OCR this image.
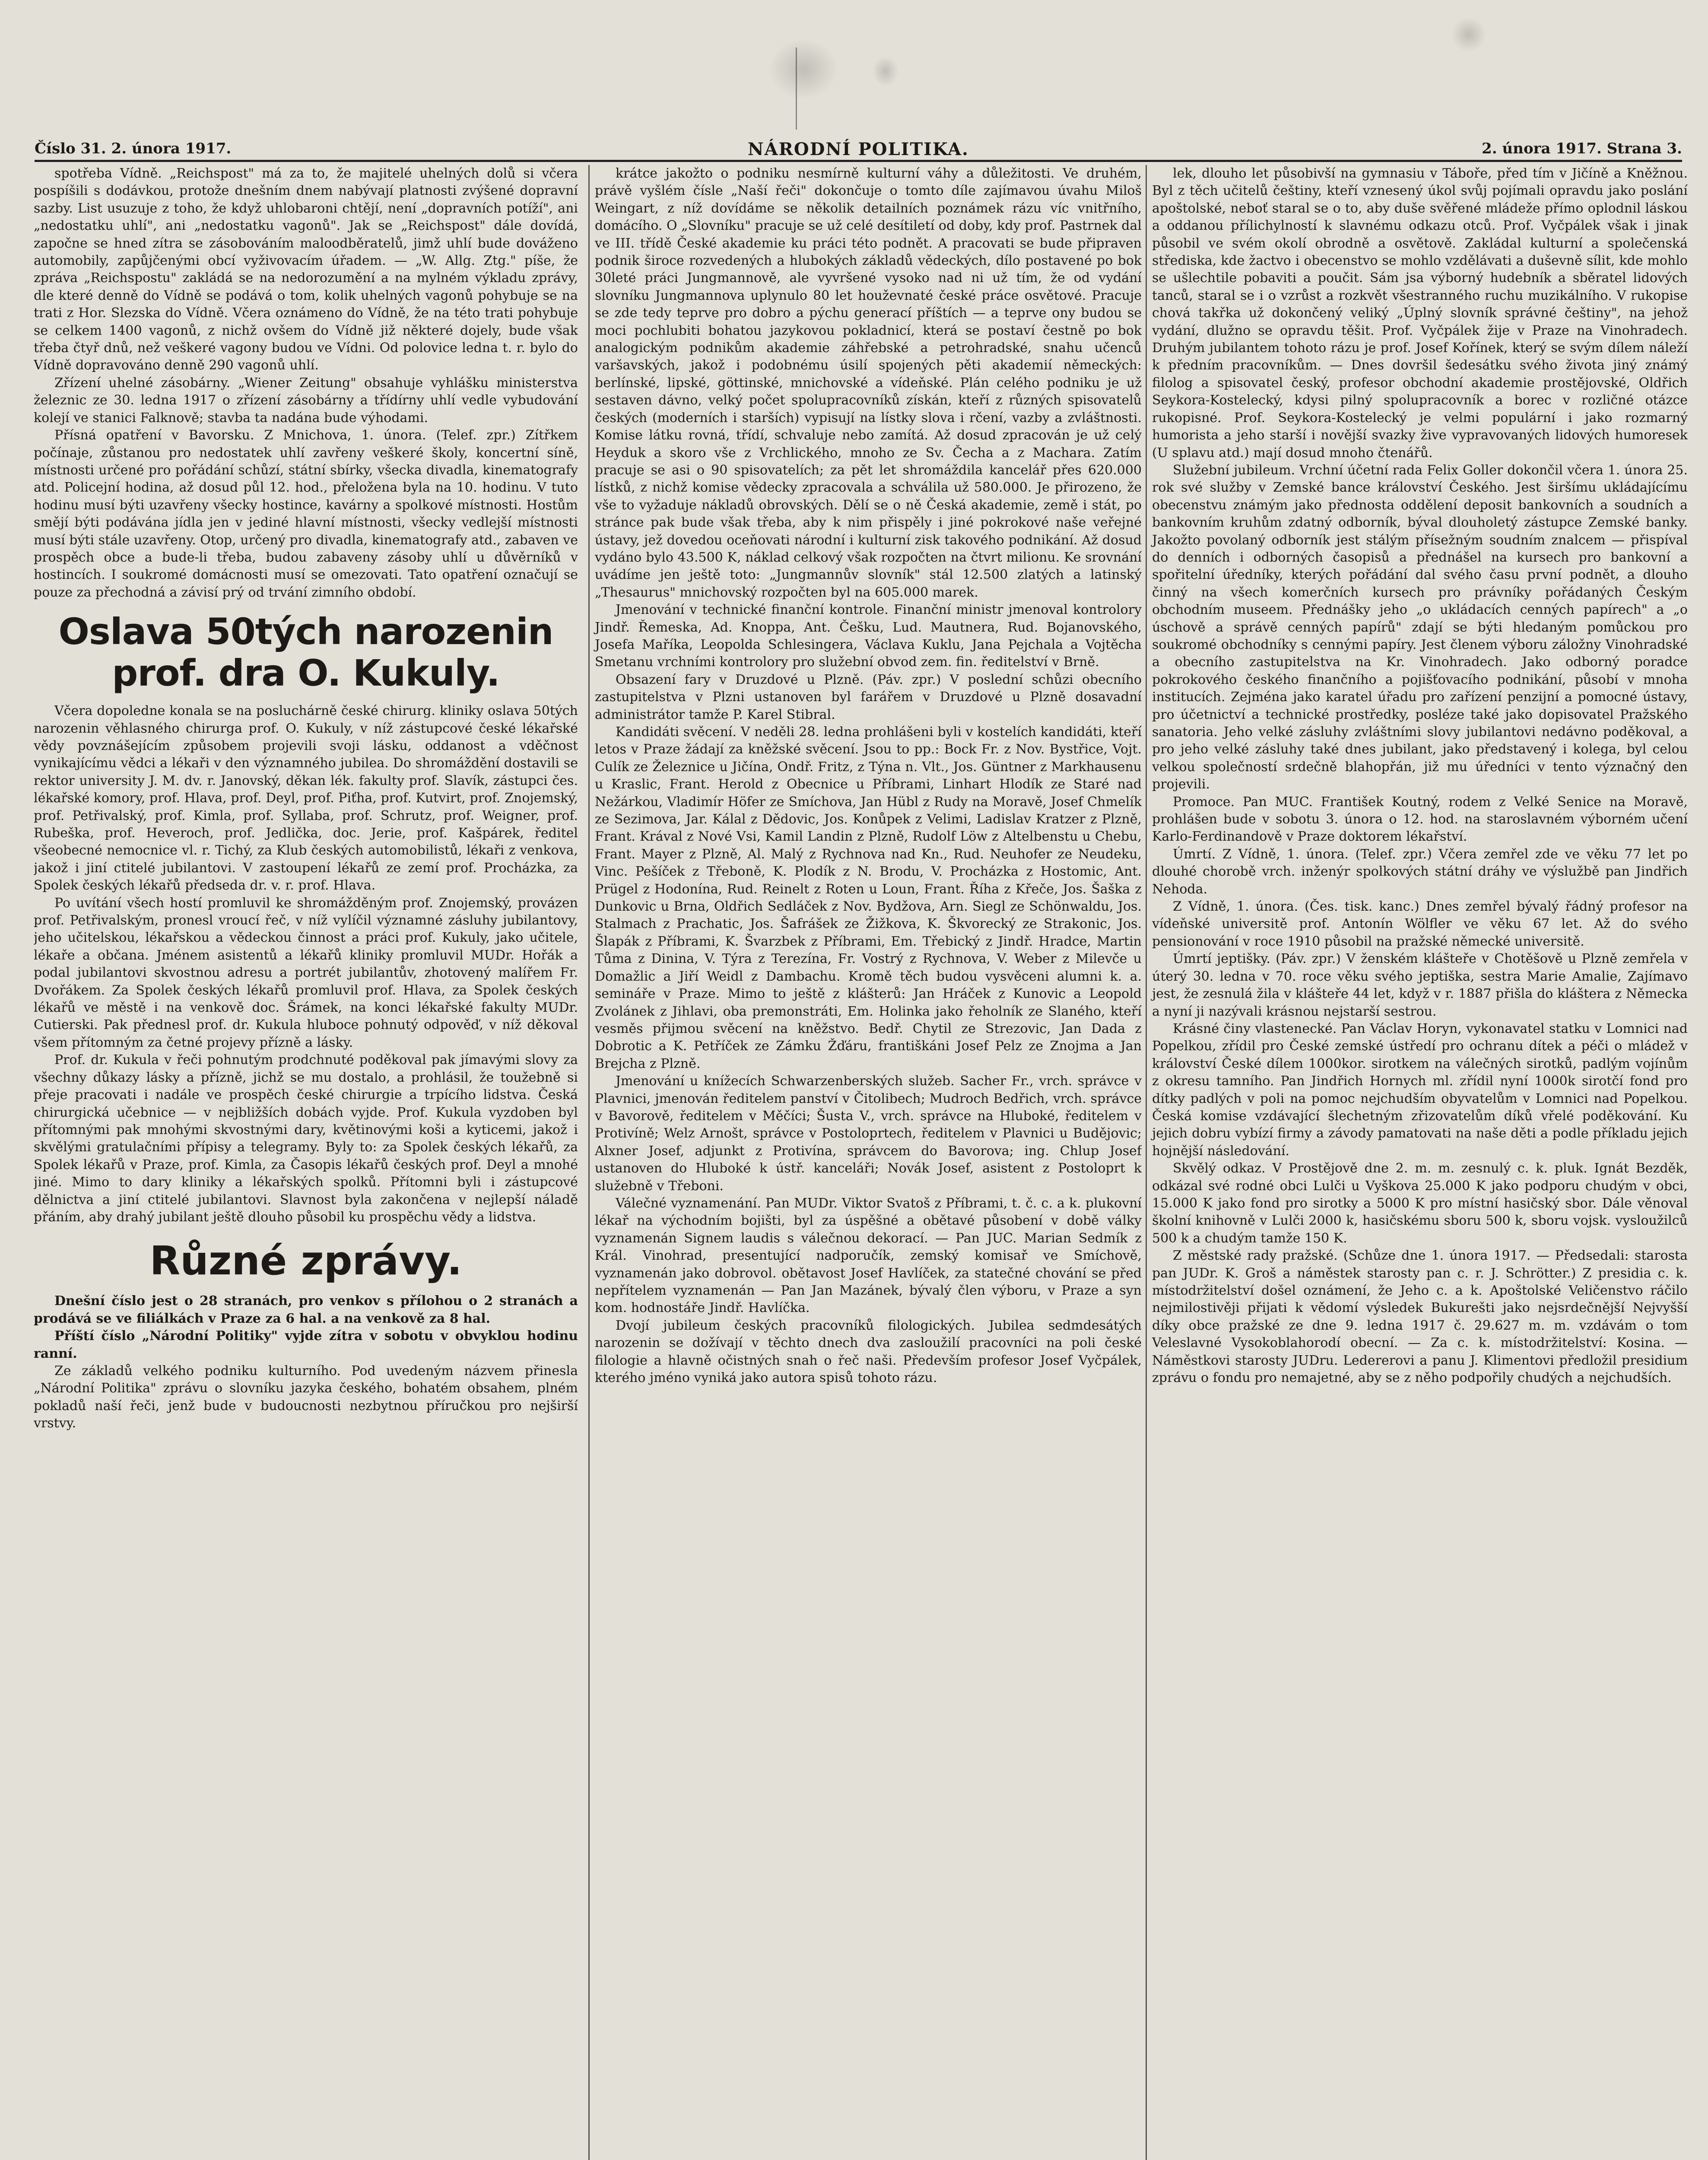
Číslo 31. 2. února 1917.	NÁRODNÍ POLITIKA.	2. února 1917. Strana 3.

spotřeba Vídně. „Reichspost" má za to, že majitelé uhelných dolů si včera pospíšili s dodávkou, protože dnešním dnem nabývají platnosti zvýšené dopravní sazby. List usuzuje z toho, že když uhlobaroni chtějí, není „dopravních potíží", ani „nedostatku uhlí", ani „nedostatku vagonů". Jak se „Reichspost" dále dovídá, započne se hned zítra se zásobováním maloodběratelů, jimž uhlí bude dováženo automobily, zapůjčenými obcí vyživovacím úřadem. — „W. Allg. Ztg." píše, že zpráva „Reichspostu" zakládá se na nedorozumění a na mylném výkladu zprávy, dle které denně do Vídně se podává o tom, kolik uhelných vagonů pohybuje se na trati z Hor. Slezska do Vídně. Včera oznámeno do Vídně, že na této trati pohybuje se celkem 1400 vagonů, z nichž ovšem do Vídně již některé dojely, bude však třeba čtyř dnů, než veškeré vagony budou ve Vídni. Od polovice ledna t. r. bylo do Vídně dopravováno denně 290 vagonů uhlí.

Zřízení uhelné zásobárny. „Wiener Zeitung" obsahuje vyhlášku ministerstva železnic ze 30. ledna 1917 o zřízení zásobárny a třídírny uhlí vedle vybudování kolejí ve stanici Falknově; stavba ta nadána bude výhodami.

Přísná opatření v Bavorsku. Z Mnichova, 1. února. (Telef. zpr.) Zítřkem počínaje, zůstanou pro nedostatek uhlí zavřeny veškeré školy, koncertní síně, místnosti určené pro pořádání schůzí, státní sbírky, všecka divadla, kinematografy atd. Policejní hodina, až dosud půl 12. hod., přeložena byla na 10. hodinu. V tuto hodinu musí býti uzavřeny všecky hostince, kavárny a spolkové místnosti. Hostům smějí býti podávána jídla jen v jediné hlavní místnosti, všecky vedlejší místnosti musí býti stále uzavřeny. Otop, určený pro divadla, kinematografy atd., zabaven ve prospěch obce a bude-li třeba, budou zabaveny zásoby uhlí u důvěrníků v hostincích. I soukromé domácnosti musí se omezovati. Tato opatření označují se pouze za přechodná a závisí prý od trvání zimního období.

Oslava 50tých narozenin prof. dra O. Kukuly.

Včera dopoledne konala se na posluchárně české chirurg. kliniky oslava 50tých narozenin věhlasného chirurga prof. O. Kukuly, v níž zástupcové české lékařské vědy povznášejícím způsobem projevili svoji lásku, oddanost a vděčnost vynikajícímu vědci a lékaři v den významného jubilea. Do shromáždění dostavili se rektor university J. M. dv. r. Janovský, děkan lék. fakulty prof. Slavík, zástupci čes. lékařské komory, prof. Hlava, prof. Deyl, prof. Piťha, prof. Kutvirt, prof. Znojemský, prof. Petřivalský, prof. Kimla, prof. Syllaba, prof. Schrutz, prof. Weigner, prof. Rubeška, prof. Heveroch, prof. Jedlička, doc. Jerie, prof. Kašpárek, ředitel všeobecné nemocnice vl. r. Tichý, za Klub českých automobilistů, lékaři z venkova, jakož i jiní ctitelé jubilantovi. V zastoupení lékařů ze zemí prof. Procházka, za Spolek českých lékařů předseda dr. v. r. prof. Hlava.

Po uvítání všech hostí promluvil ke shromážděným prof. Znojemský, provázen prof. Petřivalským, pronesl vroucí řeč, v níž vylíčil významné zásluhy jubilantovy, jeho učitelskou, lékařskou a vědeckou činnost a práci prof. Kukuly, jako učitele, lékaře a občana. Jménem asistentů a lékařů kliniky promluvil MUDr. Hořák a podal jubilantovi skvostnou adresu a portrét jubilantův, zhotovený malířem Fr. Dvořákem. Za Spolek českých lékařů promluvil prof. Hlava, za Spolek českých lékařů ve městě i na venkově doc. Šrámek, na konci lékařské fakulty MUDr. Cutierski. Pak přednesl prof. dr. Kukula hluboce pohnutý odpověď, v níž děkoval všem přítomným za četné projevy přízně a lásky.

Prof. dr. Kukula v řeči pohnutým prodchnuté poděkoval pak jímavými slovy za všechny důkazy lásky a přízně, jichž se mu dostalo, a prohlásil, že toužebně si přeje pracovati i nadále ve prospěch české chirurgie a trpícího lidstva. Česká chirurgická učebnice — v nejbližších dobách vyjde. Prof. Kukula vyzdoben byl přítomnými pak mnohými skvostnými dary, květinovými koši a kyticemi, jakož i skvělými gratulačními přípisy a telegramy. Byly to: za Spolek českých lékařů, za Spolek lékařů v Praze, prof. Kimla, za Časopis lékařů českých prof. Deyl a mnohé jiné. Mimo to dary kliniky a lékařských spolků. Přítomni byli i zástupcové dělnictva a jiní ctitelé jubilantovi. Slavnost byla zakončena v nejlepší náladě přáním, aby drahý jubilant ještě dlouho působil ku prospěchu vědy a lidstva.

Různé zprávy.

Dnešní číslo jest o 28 stranách, pro venkov s přílohou o 2 stranách a prodává se ve filiálkách v Praze za 6 hal. a na venkově za 8 hal.

Příští číslo „Národní Politiky" vyjde zítra v sobotu v obvyklou hodinu ranní.

Ze základů velkého podniku kulturního. Pod uvedeným názvem přinesla „Národní Politika" zprávu o slovníku jazyka českého, bohatém obsahem, plném pokladů naší řeči, jenž bude v budoucnosti nezbytnou příručkou pro nejširší vrstvy.

krátce jakožto o podniku nesmírně kulturní váhy a důležitosti. Ve druhém, právě vyšlém čísle „Naší řeči" dokončuje o tomto díle zajímavou úvahu Miloš Weingart, z níž dovídáme se několik detailních poznámek rázu víc vnitřního, domácího. O „Slovníku" pracuje se už celé desítiletí od doby, kdy prof. Pastrnek dal ve III. třídě České akademie ku práci této podnět. A pracovati se bude připraven podnik široce rozvedených a hlubokých základů vědeckých, dílo postavené po bok 30leté práci Jungmannově, ale vyvršené vysoko nad ni už tím, že od vydání slovníku Jungmannova uplynulo 80 let houževnaté české práce osvětové. Pracuje se zde tedy teprve pro dobro a pýchu generací příštích — a teprve ony budou se moci pochlubiti bohatou jazykovou pokladnicí, která se postaví čestně po bok analogickým podnikům akademie záhřebské a petrohradské, snahu učenců varšavských, jakož i podobnému úsilí spojených pěti akademií německých: berlínské, lipské, göttinské, mnichovské a vídeňské. Plán celého podniku je už sestaven dávno, velký počet spolupracovníků získán, kteří z různých spisovatelů českých (moderních i starších) vypisují na lístky slova i rčení, vazby a zvláštnosti. Komise látku rovná, třídí, schvaluje nebo zamítá. Až dosud zpracován je už celý Heyduk a skoro vše z Vrchlického, mnoho ze Sv. Čecha a z Machara. Zatím pracuje se asi o 90 spisovatelích; za pět let shromáždila kancelář přes 620.000 lístků, z nichž komise vědecky zpracovala a schválila už 580.000. Je přirozeno, že vše to vyžaduje nákladů obrovských. Dělí se o ně Česká akademie, země i stát, po stránce pak bude však třeba, aby k nim přispěly i jiné pokrokové naše veřejné ústavy, jež dovedou oceňovati národní i kulturní zisk takového podnikání. Až dosud vydáno bylo 43.500 K, náklad celkový však rozpočten na čtvrt milionu. Ke srovnání uvádíme jen ještě toto: „Jungmannův slovník" stál 12.500 zlatých a latinský „Thesaurus" mnichovský rozpočten byl na 605.000 marek.

Jmenování v technické finanční kontrole. Finanční ministr jmenoval kontrolory Jindř. Řemeska, Ad. Knoppa, Ant. Češku, Lud. Mautnera, Rud. Bojanovského, Josefa Maříka, Leopolda Schlesingera, Václava Kuklu, Jana Pejchala a Vojtěcha Smetanu vrchními kontrolory pro služební obvod zem. fin. ředitelství v Brně.

Obsazení fary v Druzdové u Plzně. (Páv. zpr.) V poslední schůzi obecního zastupitelstva v Plzni ustanoven byl farářem v Druzdové u Plzně dosavadní administrátor tamže P. Karel Stibral.

Kandidáti svěcení. V neděli 28. ledna prohlášeni byli v kostelích kandidáti, kteří letos v Praze žádají za kněžské svěcení. Jsou to pp.: Bock Fr. z Nov. Bystřice, Vojt. Culík ze Železnice u Jičína, Ondř. Fritz, z Týna n. Vlt., Jos. Güntner z Markhausenu u Kraslic, Frant. Herold z Obecnice u Příbrami, Linhart Hlodík ze Staré nad Nežárkou, Vladimír Höfer ze Smíchova, Jan Hübl z Rudy na Moravě, Josef Chmelík ze Sezimova, Jar. Kálal z Dědovic, Jos. Konůpek z Velimi, Ladislav Kratzer z Plzně, Frant. Krával z Nové Vsi, Kamil Landin z Plzně, Rudolf Löw z Altelbenstu u Chebu, Frant. Mayer z Plzně, Al. Malý z Rychnova nad Kn., Rud. Neuhofer ze Neudeku, Vinc. Pešíček z Třeboně, K. Plodík z N. Brodu, V. Procházka z Hostomic, Ant. Prügel z Hodonína, Rud. Reinelt z Roten u Loun, Frant. Říha z Křeče, Jos. Šaška z Dunkovic u Brna, Oldřich Sedláček z Nov. Bydžova, Arn. Siegl ze Schönwaldu, Jos. Stalmach z Prachatic, Jos. Šafrášek ze Žižkova, K. Škvorecký ze Strakonic, Jos. Šlapák z Příbrami, K. Švarzbek z Příbrami, Em. Třebický z Jindř. Hradce, Martin Tůma z Dinina, V. Týra z Terezína, Fr. Vostrý z Rychnova, V. Weber z Milevče u Domažlic a Jiří Weidl z Dambachu. Kromě těch budou vysvěceni alumni k. a. semináře v Praze. Mimo to ještě z klášterů: Jan Hráček z Kunovic a Leopold Zvolánek z Jihlavi, oba premonstráti, Em. Holinka jako řeholník ze Slaného, kteří vesměs přijmou svěcení na kněžstvo. Bedř. Chytil ze Strezovic, Jan Dada z Dobrotic a K. Petříček ze Zámku Žďáru, františkáni Josef Pelz ze Znojma a Jan Brejcha z Plzně.

Jmenování u knížecích Schwarzenberských služeb. Sacher Fr., vrch. správce v Plavnici, jmenován ředitelem panství v Čitolibech; Mudroch Bedřich, vrch. správce v Bavorově, ředitelem v Měčíci; Šusta V., vrch. správce na Hluboké, ředitelem v Protivíně; Welz Arnošt, správce v Postoloprtech, ředitelem v Plavnici u Budějovic; Alxner Josef, adjunkt z Protivína, správcem do Bavorova; ing. Chlup Josef ustanoven do Hluboké k ústř. kanceláři; Novák Josef, asistent z Postoloprt k služebně v Třeboni.

Válečné vyznamenání. Pan MUDr. Viktor Svatoš z Příbrami, t. č. c. a k. plukovní lékař na východním bojišti, byl za úspěšné a obětavé působení v době války vyznamenán Signem laudis s válečnou dekorací. — Pan JUC. Marian Sedmík z Král. Vinohrad, presentující nadporučík, zemský komisař ve Smíchově, vyznamenán jako dobrovol. obětavost Josef Havlíček, za statečné chování se před nepřítelem vyznamenán — Pan Jan Mazánek, bývalý člen výboru, v Praze a syn kom. hodnostáře Jindř. Havlíčka.

Dvojí jubileum českých pracovníků filologických. Jubilea sedmdesátých narozenin se dožívají v těchto dnech dva zasloužilí pracovníci na poli české filologie a hlavně očistných snah o řeč naši. Především profesor Josef Vyčpálek, kterého jméno vyniká jako autora spisů tohoto rázu.

lek, dlouho let působivší na gymnasiu v Táboře, před tím v Jičíně a Kněžnou. Byl z těch učitelů češtiny, kteří vznesený úkol svůj pojímali opravdu jako poslání apoštolské, neboť staral se o to, aby duše svěřené mládeže přímo oplodnil láskou a oddanou přílichylností k slavnému odkazu otců. Prof. Vyčpálek však i jinak působil ve svém okolí obrodně a osvětově. Zakládal kulturní a společenská střediska, kde žactvo i obecenstvo se mohlo vzdělávati a duševně sílit, kde mohlo se ušlechtile pobaviti a poučit. Sám jsa výborný hudebník a sběratel lidových tanců, staral se i o vzrůst a rozkvět všestranného ruchu muzikálního. V rukopise chová takřka už dokončený veliký „Úplný slovník správné češtiny", na jehož vydání, dlužno se opravdu těšit. Prof. Vyčpálek žije v Praze na Vinohradech. Druhým jubilantem tohoto rázu je prof. Josef Kořínek, který se svým dílem náleží k předním pracovníkům. — Dnes dovršil šedesátku svého života jiný známý filolog a spisovatel český, profesor obchodní akademie prostějovské, Oldřich Seykora-Kostelecký, kdysi pilný spolupracovník a borec v rozličné otázce rukopisné. Prof. Seykora-Kostelecký je velmi populární i jako rozmarný humorista a jeho starší i novější svazky žive vypravovaných lidových humoresek (U splavu atd.) mají dosud mnoho čtenářů.

Služební jubileum. Vrchní účetní rada Felix Goller dokončil včera 1. února 25. rok své služby v Zemské bance království Českého. Jest širšímu ukládajícímu obecenstvu známým jako přednosta oddělení deposit bankovních a soudních a bankovním kruhům zdatný odborník, býval dlouholetý zástupce Zemské banky. Jakožto povolaný odborník jest stálým přísežným soudním znalcem — přispíval do denních i odborných časopisů a přednášel na kursech pro bankovní a spořitelní úředníky, kterých pořádání dal svého času první podnět, a dlouho činný na všech komerčních kursech pro právníky pořádaných Českým obchodním museem. Přednášky jeho „o ukládacích cenných papírech" a „o úschově a správě cenných papírů" zdají se býti hledaným pomůckou pro soukromé obchodníky s cennými papíry. Jest členem výboru záložny Vinohradské a obecního zastupitelstva na Kr. Vinohradech. Jako odborný poradce pokrokového českého finančního a pojišťovacího podnikání, působí v mnoha institucích. Zejména jako karatel úřadu pro zařízení penzijní a pomocné ústavy, pro účetnictví a technické prostředky, posléze také jako dopisovatel Pražského sanatoria. Jeho velké zásluhy zvláštními slovy jubilantovi nedávno poděkoval, a pro jeho velké zásluhy také dnes jubilant, jako představený i kolega, byl celou velkou společností srdečně blahopřán, již mu úředníci v tento význačný den projevili.

Promoce. Pan MUC. František Koutný, rodem z Velké Senice na Moravě, prohlášen bude v sobotu 3. února o 12. hod. na staroslavném výborném učení Karlo-Ferdinandově v Praze doktorem lékařství.

Úmrtí. Z Vídně, 1. února. (Telef. zpr.) Včera zemřel zde ve věku 77 let po dlouhé chorobě vrch. inženýr spolkových státní dráhy ve výslužbě pan Jindřich Nehoda.

Z Vídně, 1. února. (Čes. tisk. kanc.) Dnes zemřel bývalý řádný profesor na vídeňské universitě prof. Antonín Wölfler ve věku 67 let. Až do svého pensionování v roce 1910 působil na pražské německé universitě.

Úmrtí jeptišky. (Páv. zpr.) V ženském klášteře v Chotěšově u Plzně zemřela v úterý 30. ledna v 70. roce věku svého jeptiška, sestra Marie Amalie, Zajímavo jest, že zesnulá žila v klášteře 44 let, když v r. 1887 přišla do kláštera z Německa a nyní ji nazývali krásnou nejstarší sestrou.

Krásné činy vlastenecké. Pan Václav Horyn, vykonavatel statku v Lomnici nad Popelkou, zřídil pro České zemské ústředí pro ochranu dítek a péči o mládež v království České dílem 1000kor. sirotkem na válečných sirotků, padlým vojínům z okresu tamního. Pan Jindřich Hornych ml. zřídil nyní 1000k sirotčí fond pro dítky padlých v poli na pomoc nejchudším obyvatelům v Lomnici nad Popelkou. Česká komise vzdávající šlechetným zřizovatelům díků vřelé poděkování. Ku jejich dobru vybízí firmy a závody pamatovati na naše děti a podle příkladu jejich hojnější následování.

Skvělý odkaz. V Prostějově dne 2. m. m. zesnulý c. k. pluk. Ignát Bezděk, odkázal své rodné obci Lulči u Vyškova 25.000 K jako podporu chudým v obci, 15.000 K jako fond pro sirotky a 5000 K pro místní hasičský sbor. Dále věnoval školní knihovně v Lulči 2000 k, hasičskému sboru 500 k, sboru vojsk. vysloužilců 500 k a chudým tamže 150 K.

Z městské rady pražské. (Schůze dne 1. února 1917. — Předsedali: starosta pan JUDr. K. Groš a náměstek starosty pan c. r. J. Schrötter.) Z presidia c. k. místodržitelství došel oznámení, že Jeho c. a k. Apoštolské Veličenstvo ráčilo nejmilostivěji přijati k vědomí výsledek Bukurešti jako nejsrdečnější Nejvyšší díky obce pražské ze dne 9. ledna 1917 č. 29.627 m. m. vzdávám o tom Veleslavné Vysokoblahorodí obecní. — Za c. k. místodržitelství: Kosina. — Náměstkovi starosty JUDru. Ledererovi a panu J. Klimentovi předložil presidium zprávu o fondu pro nemajetné, aby se z něho podpořily chudých a nejchudších.
